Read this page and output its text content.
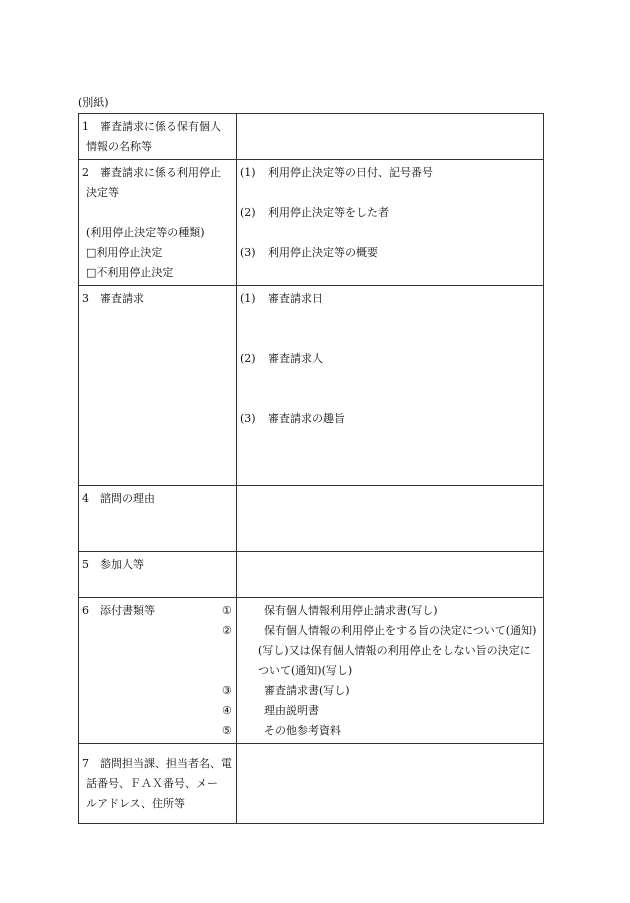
(別紙)
1　審査請求に係る保有個人
情報の名称等	

2　審査請求に係る利用停止
決定等
(利用停止決定等の種類)
□利用停止決定
□不利用停止決定	(1) 利用停止決定等の日付、記号番号
(2) 利用停止決定等をした者
(3) 利用停止決定等の概要

3　審査請求	(1) 審査請求日
(2) 審査請求人
(3) 審査請求の趣旨

4　諮問の理由	

5　参加人等	

6　添付書類等	① 保有個人情報利用停止請求書(写し)
② 保有個人情報の利用停止をする旨の決定について(通知)(写し)又は保有個人情報の利用停止をしない旨の決定について(通知)(写し)
③ 審査請求書(写し)
④ 理由説明書
⑤ その他参考資料

7　諮問担当課、担当者名、電
話番号、ＦＡＸ番号、メー
ルアドレス、住所等	
